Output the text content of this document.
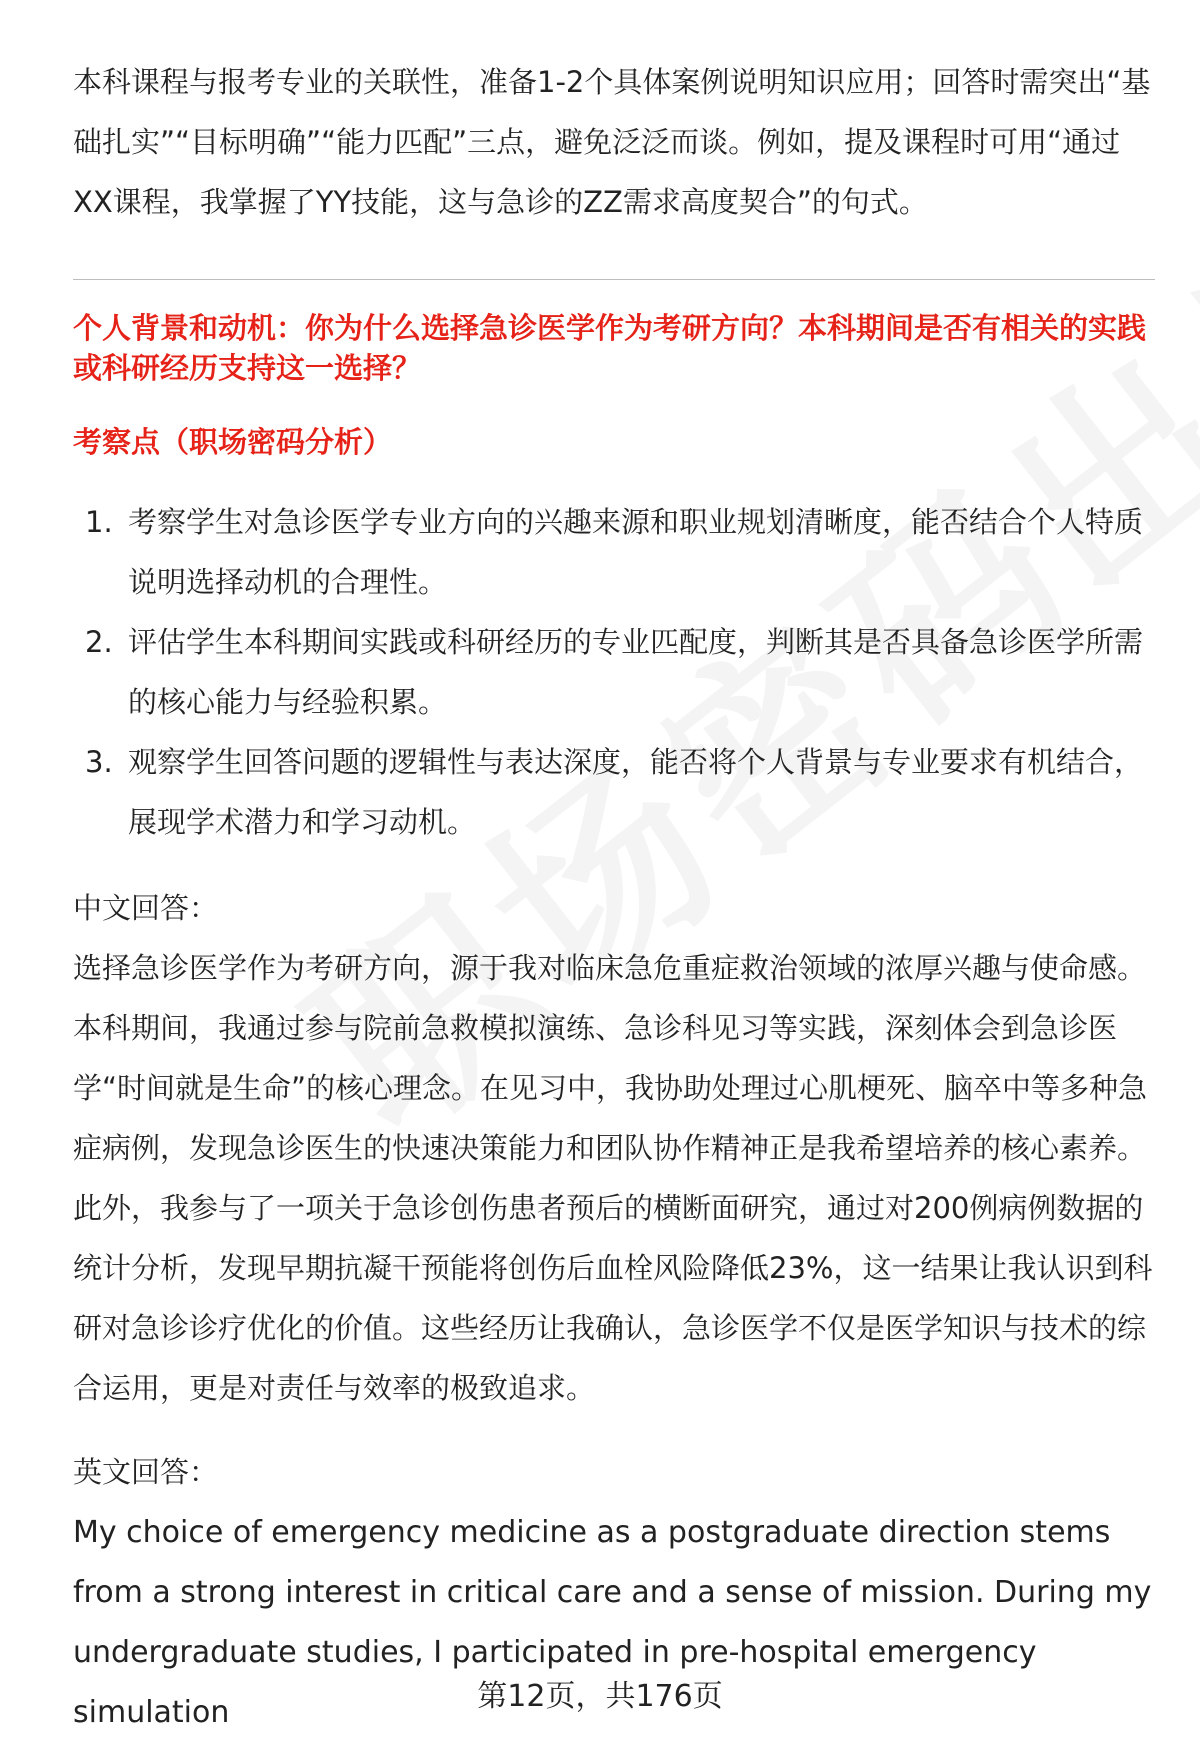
本科课程与报考专业的关联性，准备1-2个具体案例说明知识应用；回答时需突出“基础扎实”“目标明确”“能力匹配”三点，避免泛泛而谈。例如，提及课程时可用“通过XX课程，我掌握了YY技能，这与急诊的ZZ需求高度契合”的句式。
个人背景和动机：你为什么选择急诊医学作为考研方向？本科期间是否有相关的实践或科研经历支持这一选择？
考察点（职场密码分析）
1. 考察学生对急诊医学专业方向的兴趣来源和职业规划清晰度，能否结合个人特质说明选择动机的合理性。
2. 评估学生本科期间实践或科研经历的专业匹配度，判断其是否具备急诊医学所需的核心能力与经验积累。
3. 观察学生回答问题的逻辑性与表达深度，能否将个人背景与专业要求有机结合，展现学术潜力和学习动机。
中文回答：
选择急诊医学作为考研方向，源于我对临床急危重症救治领域的浓厚兴趣与使命感。本科期间，我通过参与院前急救模拟演练、急诊科见习等实践，深刻体会到急诊医学“时间就是生命”的核心理念。在见习中，我协助处理过心肌梗死、脑卒中等多种急症病例，发现急诊医生的快速决策能力和团队协作精神正是我希望培养的核心素养。此外，我参与了一项关于急诊创伤患者预后的横断面研究，通过对200例病例数据的统计分析，发现早期抗凝干预能将创伤后血栓风险降低23%，这一结果让我认识到科研对急诊诊疗优化的价值。这些经历让我确认，急诊医学不仅是医学知识与技术的综合运用，更是对责任与效率的极致追求。
英文回答：
My choice of emergency medicine as a postgraduate direction stems from a strong interest in critical care and a sense of mission. During my undergraduate studies, I participated in pre-hospital emergency simulation	第12页，共176页
